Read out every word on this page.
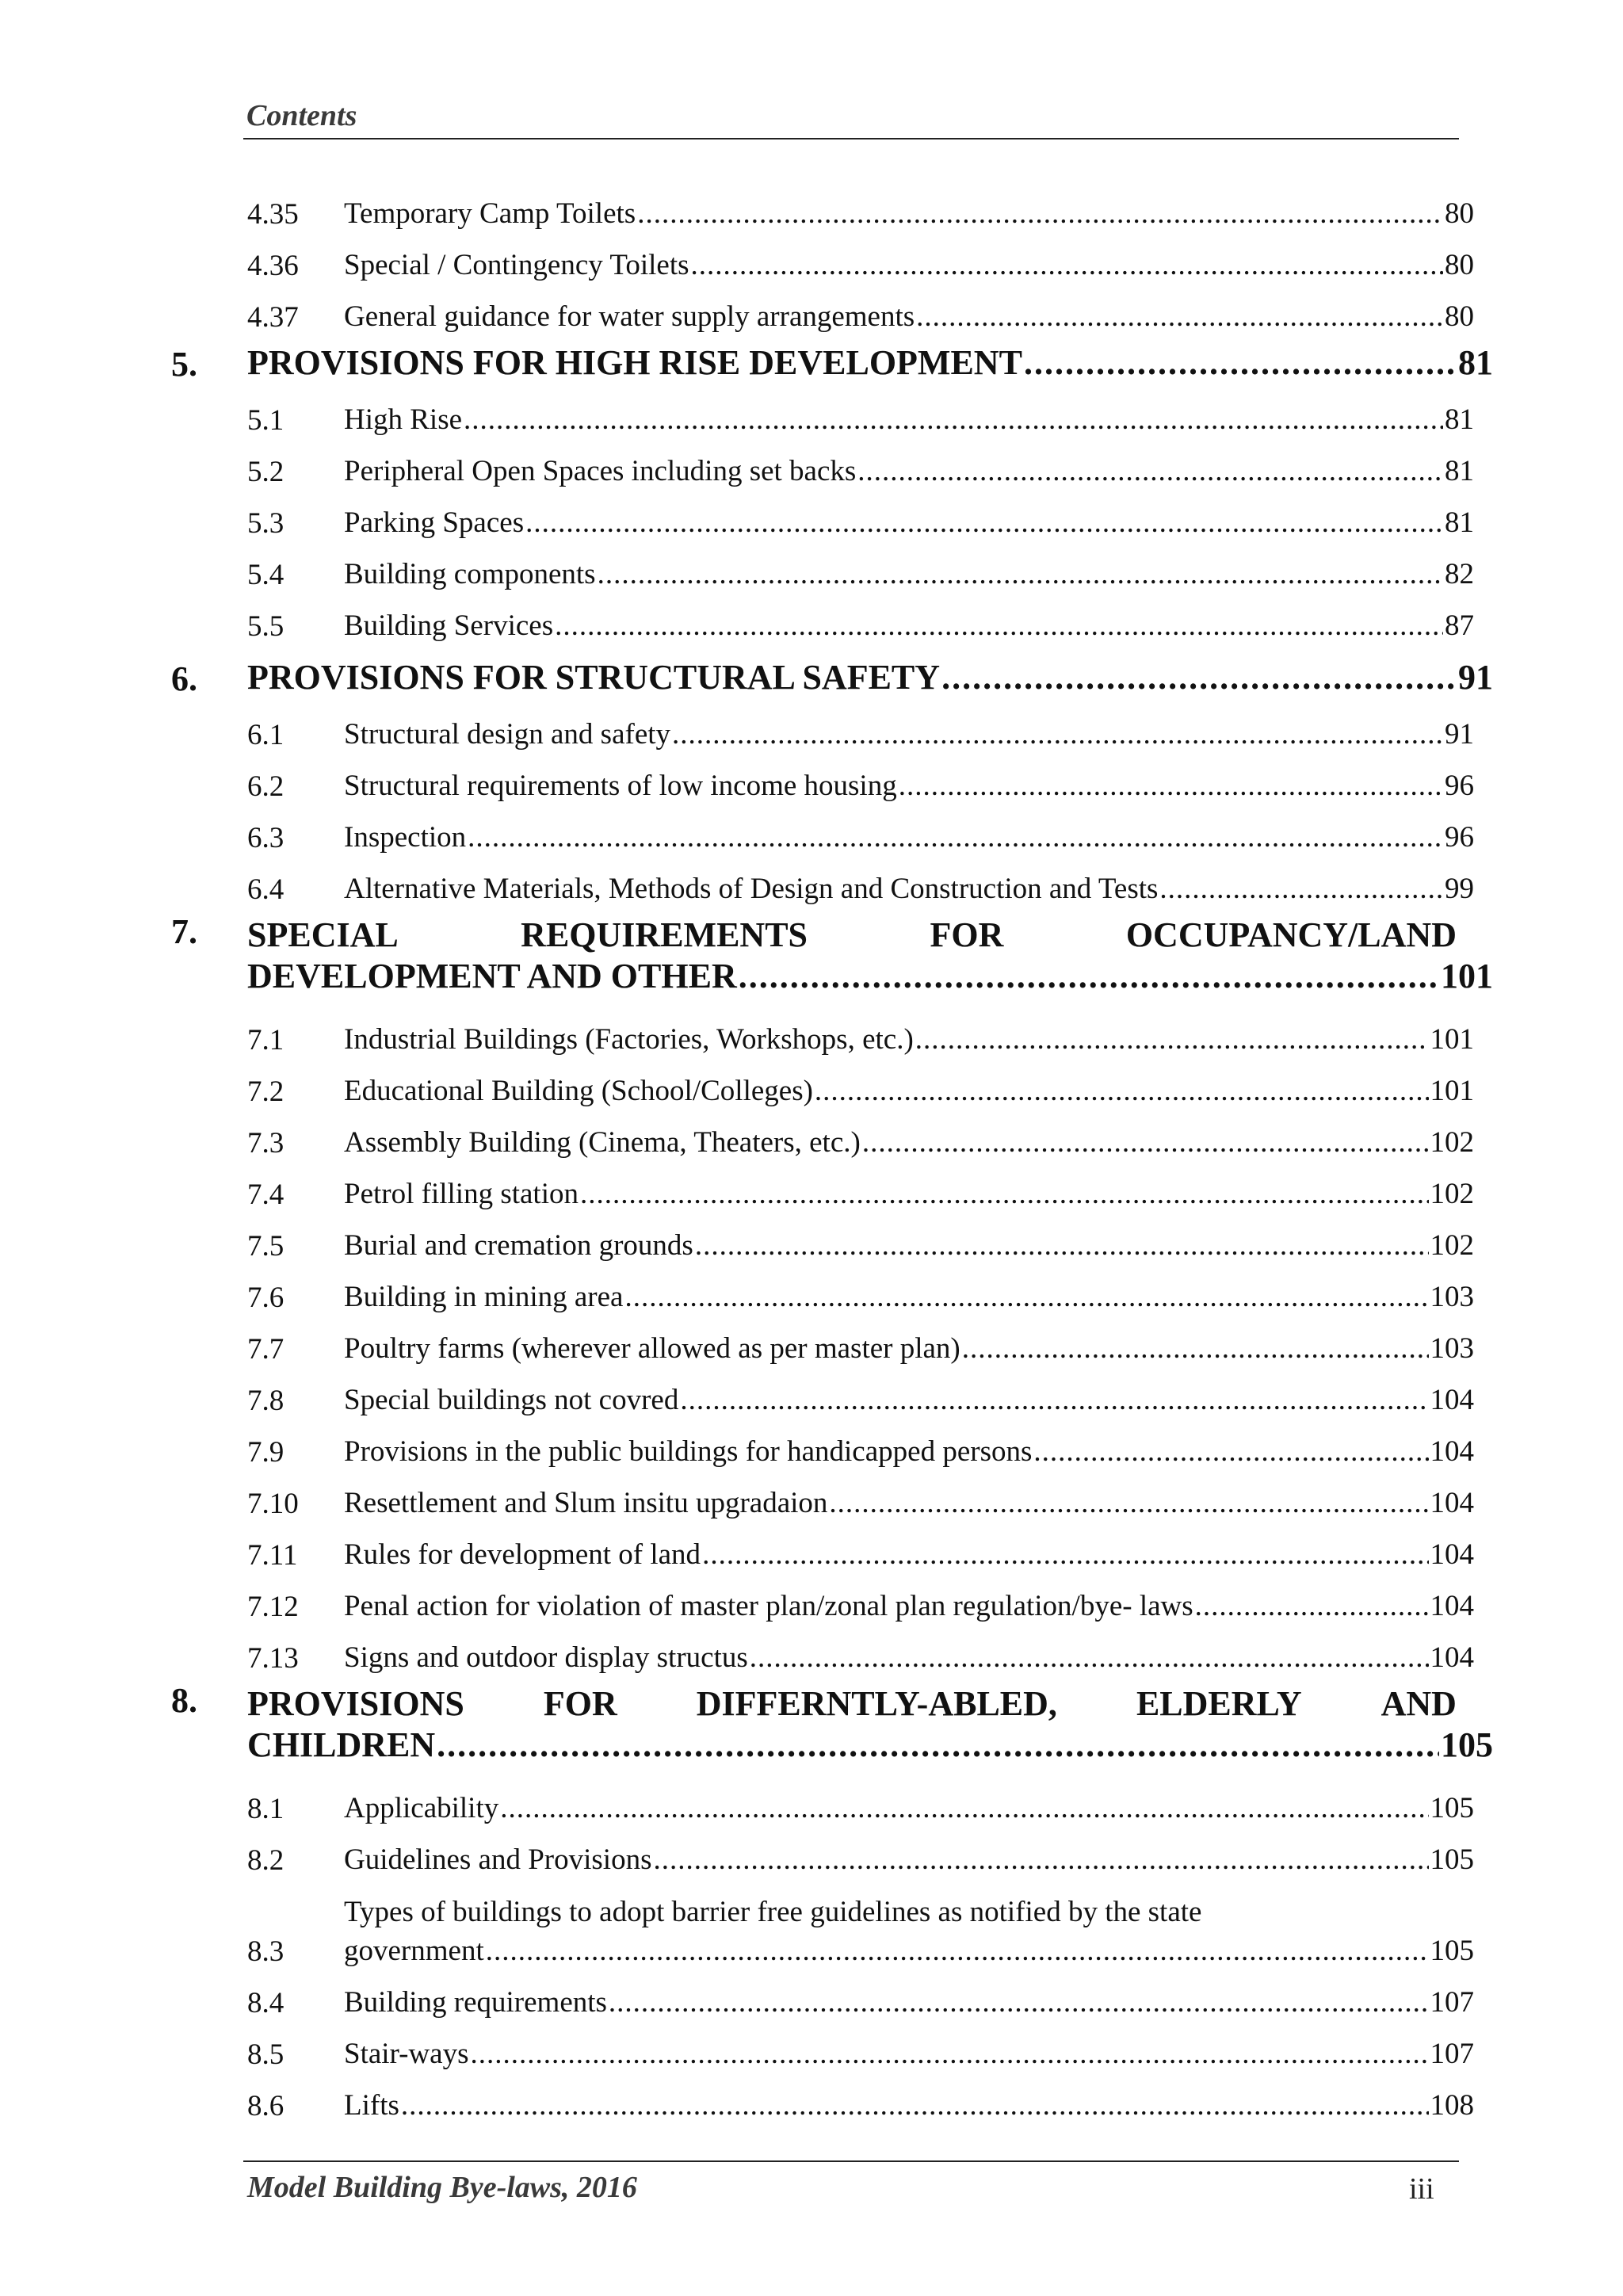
Contents
4.35 Temporary Camp Toilets .....	80
4.36 Special / Contingency Toilets .....	80
4.37 General guidance for water supply arrangements .....	80
5. PROVISIONS FOR HIGH RISE DEVELOPMENT .....	81
5.1 High Rise .....	81
5.2 Peripheral Open Spaces including set backs .....	81
5.3 Parking Spaces .....	81
5.4 Building components .....	82
5.5 Building Services .....	87
6. PROVISIONS FOR STRUCTURAL SAFETY .....	91
6.1 Structural design and safety .....	91
6.2 Structural requirements of low income housing .....	96
6.3 Inspection .....	96
6.4 Alternative Materials, Methods of Design and Construction and Tests .....	99
7. SPECIAL	REQUIREMENTS	FOR	OCCUPANCY/LAND
DEVELOPMENT AND OTHER .....	101
7.1 Industrial Buildings (Factories, Workshops, etc.) .....	101
7.2 Educational Building (School/Colleges) .....	101
7.3 Assembly Building (Cinema, Theaters, etc.) .....	102
7.4 Petrol filling station .....	102
7.5 Burial and cremation grounds .....	102
7.6 Building in mining area .....	103
7.7 Poultry farms (wherever allowed as per master plan) .....	103
7.8 Special buildings not covred .....	104
7.9 Provisions in the public buildings for handicapped persons .....	104
7.10 Resettlement and Slum insitu upgradaion .....	104
7.11 Rules for development of land .....	104
7.12 Penal action for violation of master plan/zonal plan regulation/bye- laws .....	104
7.13 Signs and outdoor display structus .....	104
8. PROVISIONS FOR DIFFERNTLY-ABLED, ELDERLY AND
CHILDREN .....	105
8.1 Applicability .....	105
8.2 Guidelines and Provisions .....	105
8.3
Types of buildings to adopt barrier free guidelines as notified by the state
government .....	105
8.4 Building requirements .....	107
8.5 Stair-ways .....	107
8.6 Lifts .....	108
Model Building Bye-laws, 2016	iii
